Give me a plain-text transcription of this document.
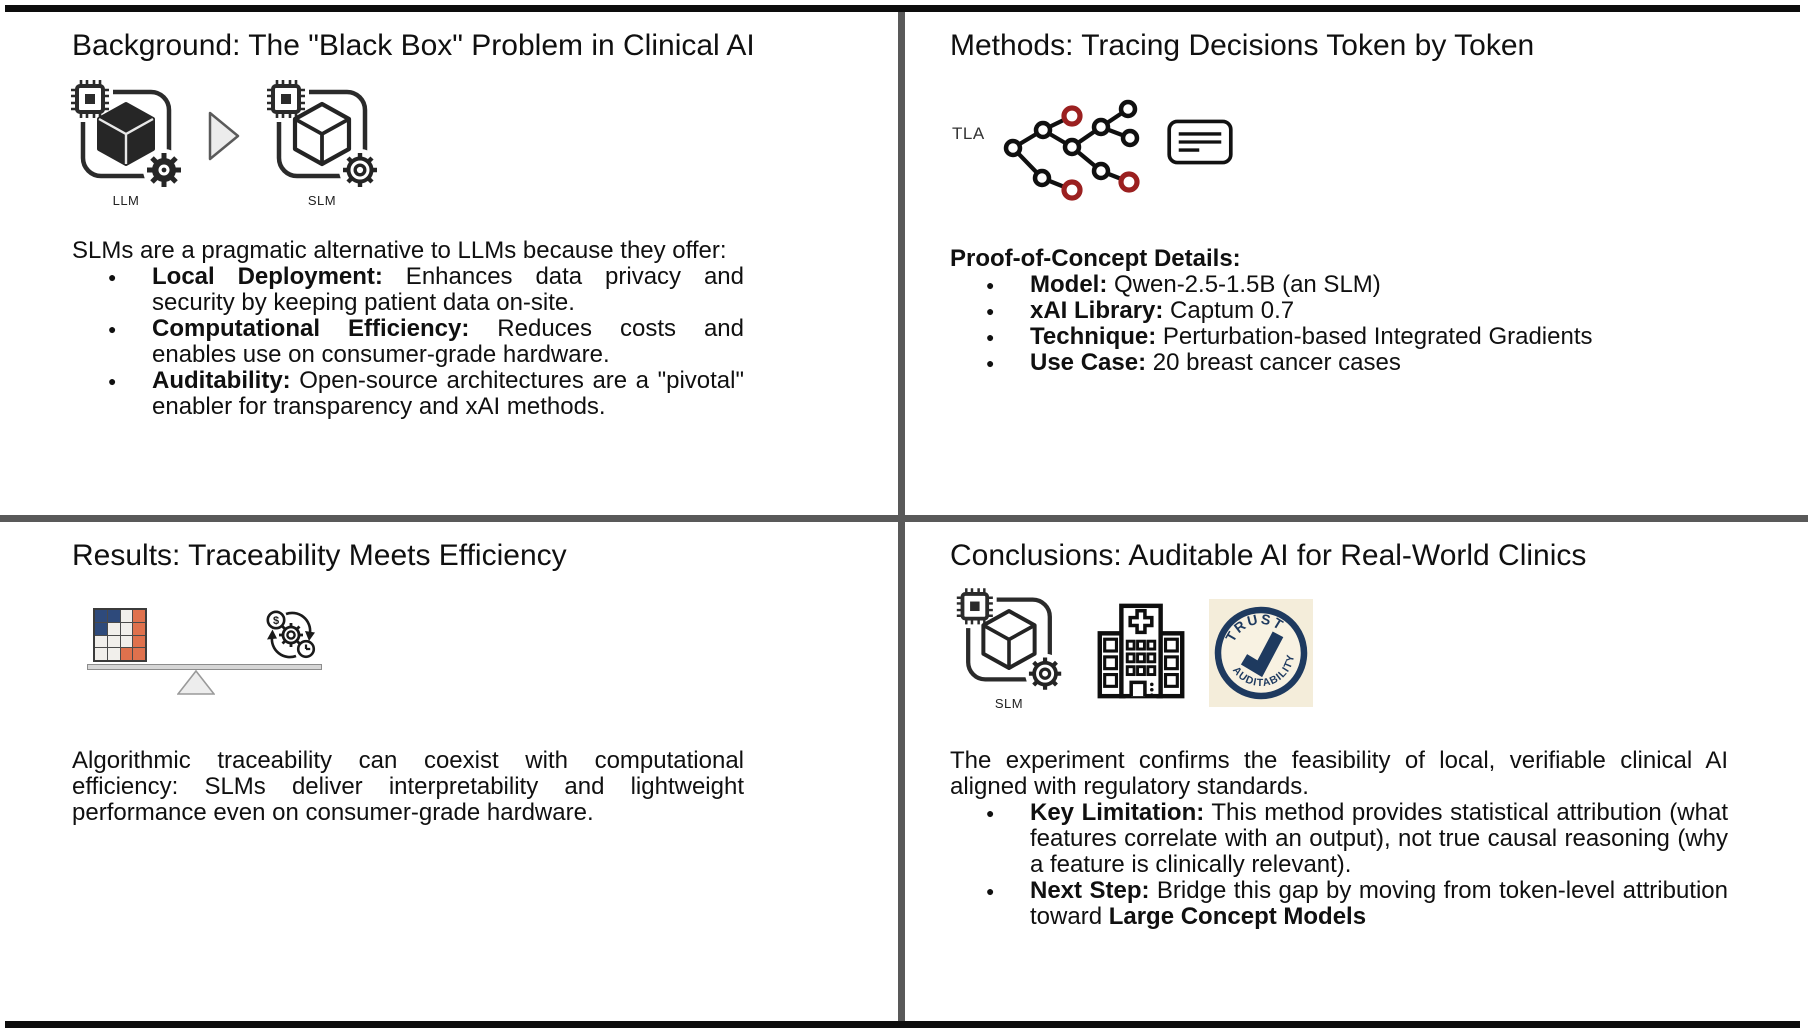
Background: The "Black Box" Problem in Clinical AI
LLM	SLM
SLMs are a pragmatic alternative to LLMs because they offer:
● Local Deployment: Enhances data privacy and security by keeping patient data on-site.
● Computational Efficiency: Reduces costs and enables use on consumer-grade hardware.
● Auditability: Open-source architectures are a "pivotal" enabler for transparency and xAI methods.
Methods: Tracing Decisions Token by Token
TLA
Proof-of-Concept Details:
● Model: Qwen-2.5-1.5B (an SLM)
● xAI Library: Captum 0.7
● Technique: Perturbation-based Integrated Gradients
● Use Case: 20 breast cancer cases
Results: Traceability Meets Efficiency
$
Algorithmic traceability can coexist with computational efficiency: SLMs deliver interpretability and lightweight performance even on consumer-grade hardware.
Conclusions: Auditable AI for Real-World Clinics
SLM
TRUST
AUDITABILITY
The experiment confirms the feasibility of local, verifiable clinical AI aligned with regulatory standards.
● Key Limitation: This method provides statistical attribution (what features correlate with an output), not true causal reasoning (why a feature is clinically relevant).
● Next Step: Bridge this gap by moving from token-level attribution toward Large Concept Models
